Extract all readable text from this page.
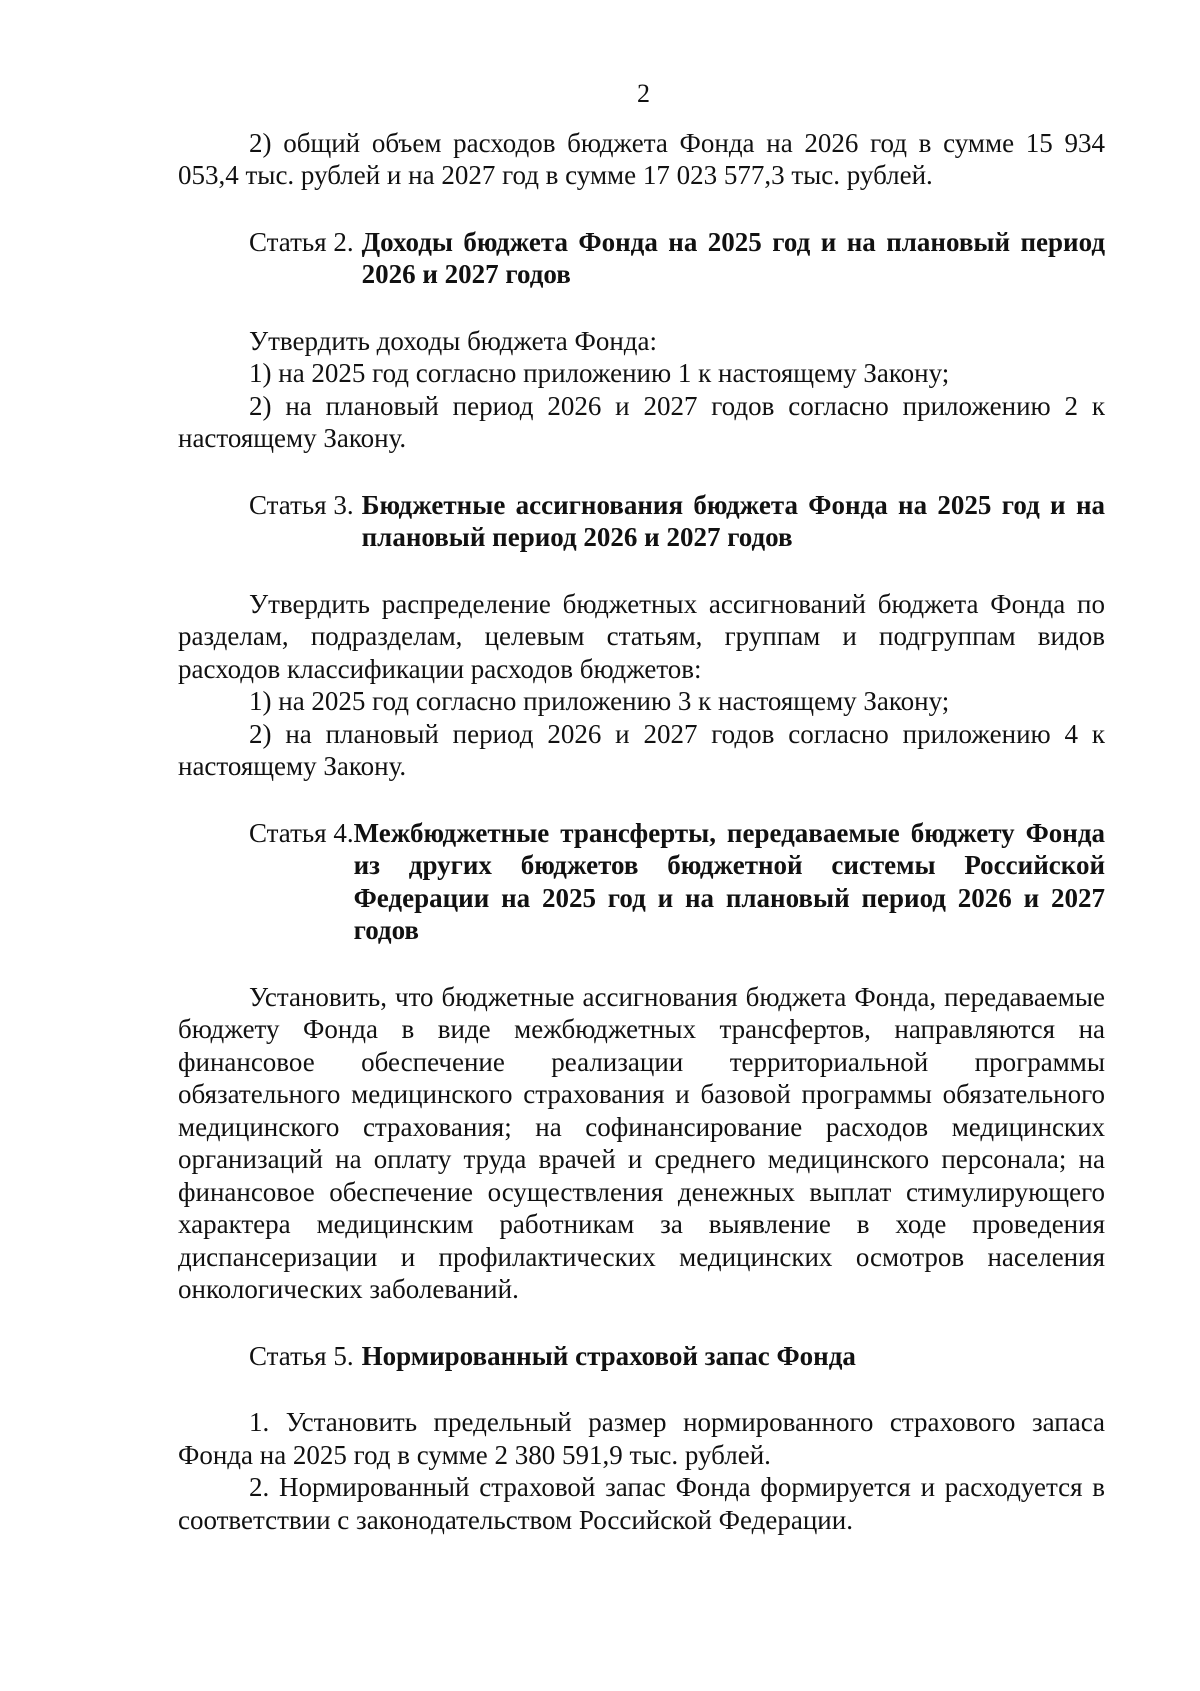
2

2) общий объем расходов бюджета Фонда на 2026 год в сумме 15 934 053,4 тыс. рублей и на 2027 год в сумме 17 023 577,3 тыс. рублей.

Статья 2. Доходы бюджета Фонда на 2025 год и на плановый период 2026 и 2027 годов

Утвердить доходы бюджета Фонда:

1) на 2025 год согласно приложению 1 к настоящему Закону;

2) на плановый период 2026 и 2027 годов согласно приложению 2 к настоящему Закону.

Статья 3. Бюджетные ассигнования бюджета Фонда на 2025 год и на плановый период 2026 и 2027 годов

Утвердить распределение бюджетных ассигнований бюджета Фонда по разделам, подразделам, целевым статьям, группам и подгруппам видов расходов классификации расходов бюджетов:

1) на 2025 год согласно приложению 3 к настоящему Закону;

2) на плановый период 2026 и 2027 годов согласно приложению 4 к настоящему Закону.

Статья 4. Межбюджетные трансферты, передаваемые бюджету Фонда из других бюджетов бюджетной системы Российской Федерации на 2025 год и на плановый период 2026 и 2027 годов

Установить, что бюджетные ассигнования бюджета Фонда, передаваемые бюджету Фонда в виде межбюджетных трансфертов, направляются на финансовое обеспечение реализации территориальной программы обязательного медицинского страхования и базовой программы обязательного медицинского страхования; на софинансирование расходов медицинских организаций на оплату труда врачей и среднего медицинского персонала; на финансовое обеспечение осуществления денежных выплат стимулирующего характера медицинским работникам за выявление в ходе проведения диспансеризации и профилактических медицинских осмотров населения онкологических заболеваний.

Статья 5. Нормированный страховой запас Фонда

1. Установить предельный размер нормированного страхового запаса Фонда на 2025 год в сумме 2 380 591,9 тыс. рублей.

2. Нормированный страховой запас Фонда формируется и расходуется в соответствии с законодательством Российской Федерации.
